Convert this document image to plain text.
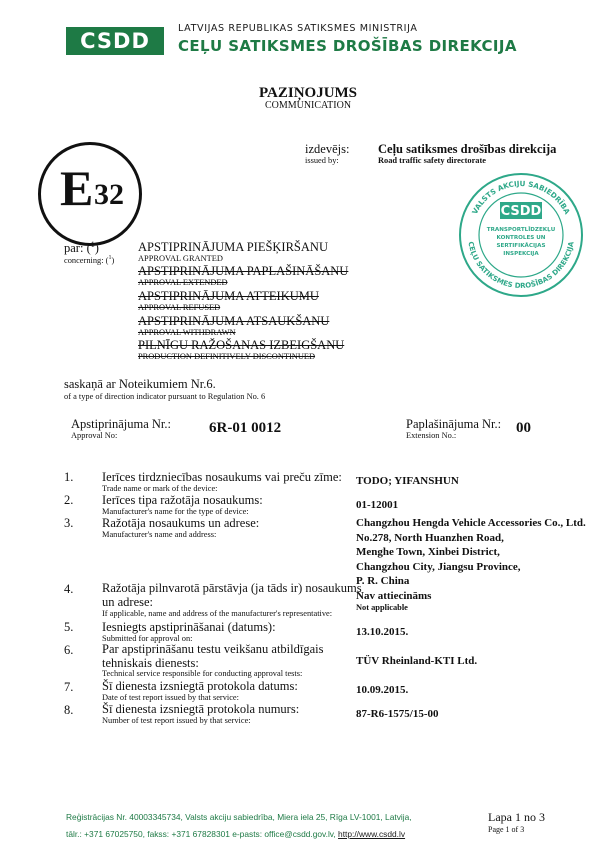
CSDD
LATVIJAS REPUBLIKAS SATIKSMES MINISTRIJA
CEĻU SATIKSMES DROŠĪBAS DIREKCIJA
PAZIŅOJUMS
COMMUNICATION
izdevējs:
issued by:
Ceļu satiksmes drošības direkcija
Road traffic safety directorate
E 32
VALSTS AKCIJU SABIEDRĪBA
CEĻU SATIKSMES DROŠĪBAS DIREKCIJA
CSDD
TRANSPORTLĪDZEKĻU
KONTROLES UN
SERTIFIKĀCIJAS
INSPEKCIJA
par: ($^1$)
concerning: ($^1$)
APSTIPRINĀJUMA PIEŠĶIRŠANU
APPROVAL GRANTED
APSTIPRINĀJUMA PAPLAŠINĀŠANU
APPROVAL EXTENDED
APSTIPRINĀJUMA ATTEIKUMU
APPROVAL REFUSED
APSTIPRINĀJUMA ATSAUKŠANU
APPROVAL WITHDRAWN
PILNĪGU RAŽOŠANAS IZBEIGŠANU
PRODUCTION DEFINITIVELY DISCONTINUED
saskaņā ar Noteikumiem Nr.6.
of a type of direction indicator pursuant to Regulation No. 6
Apstiprinājuma Nr.:
Approval No:	6R-01 0012	Paplašinājuma Nr.:
Extension No.:	00
1. Ierīces tirdzniecības nosaukums vai preču zīme:
Trade name or mark of the device:
TODO; YIFANSHUN
2. Ierīces tipa ražotāja nosaukums:
Manufacturer's name for the type of device:
01-12001
3. Ražotāja nosaukums un adrese:
Manufacturer's name and address:
Changzhou Hengda Vehicle Accessories Co., Ltd.
No.278, North Huanzhen Road,
Menghe Town, Xinbei District,
Changzhou City, Jiangsu Province,
P. R. China
4. Ražotāja pilnvarotā pārstāvja (ja tāds ir) nosaukums
un adrese:
If applicable, name and address of the manufacturer's representative:
Nav attiecināms
Not applicable
5. Iesniegts apstiprināšanai (datums):
Submitted for approval on:
13.10.2015.
6. Par apstiprināšanu testu veikšanu atbildīgais
tehniskais dienests:
Technical service responsible for conducting approval tests:
TÜV Rheinland-KTI Ltd.
7. Šī dienesta izsniegtā protokola datums:
Date of test report issued by that service:
10.09.2015.
8. Šī dienesta izsniegtā protokola numurs:
Number of test report issued by that service:
87-R6-1575/15-00
Reģistrācijas Nr. 40003345734, Valsts akciju sabiedrība, Miera iela 25, Rīga LV-1001, Latvija,
tālr.: +371 67025750, fakss: +371 67828301 e-pasts: office@csdd.gov.lv, http://www.csdd.lv
Lapa 1 no 3
Page 1 of 3
